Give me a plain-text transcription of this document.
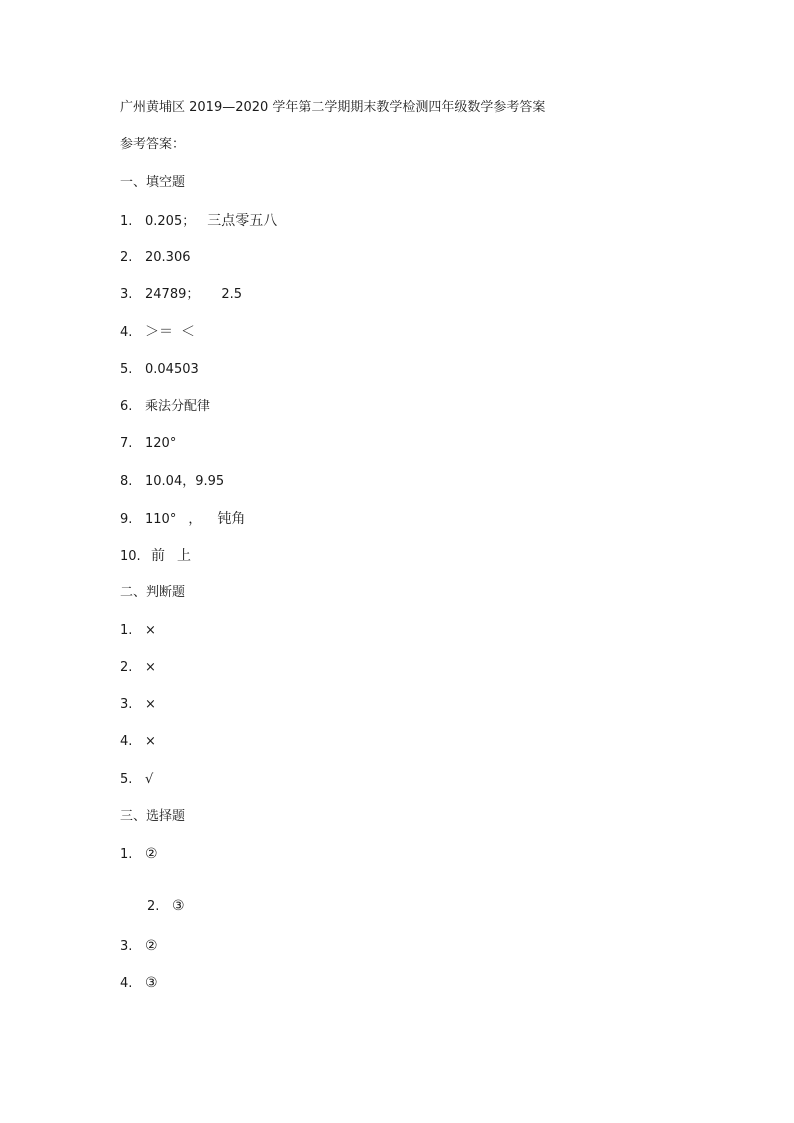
广州黄埔区 2019—2020 学年第二学期期末教学检测四年级数学参考答案
参考答案：
一、填空题
1. 0.205； 三点零五八
2. 20.306
3. 24789； 2.5
4. ＞＝ ＜
5. 0.04503
6. 乘法分配律
7. 120°
8. 10.04，9.95
9. 110° ， 钝角
10. 前 上
二、判断题
1. ×
2. ×
3. ×
4. ×
5. √
三、选择题
1. ②
2. ③
3. ②
4. ③
